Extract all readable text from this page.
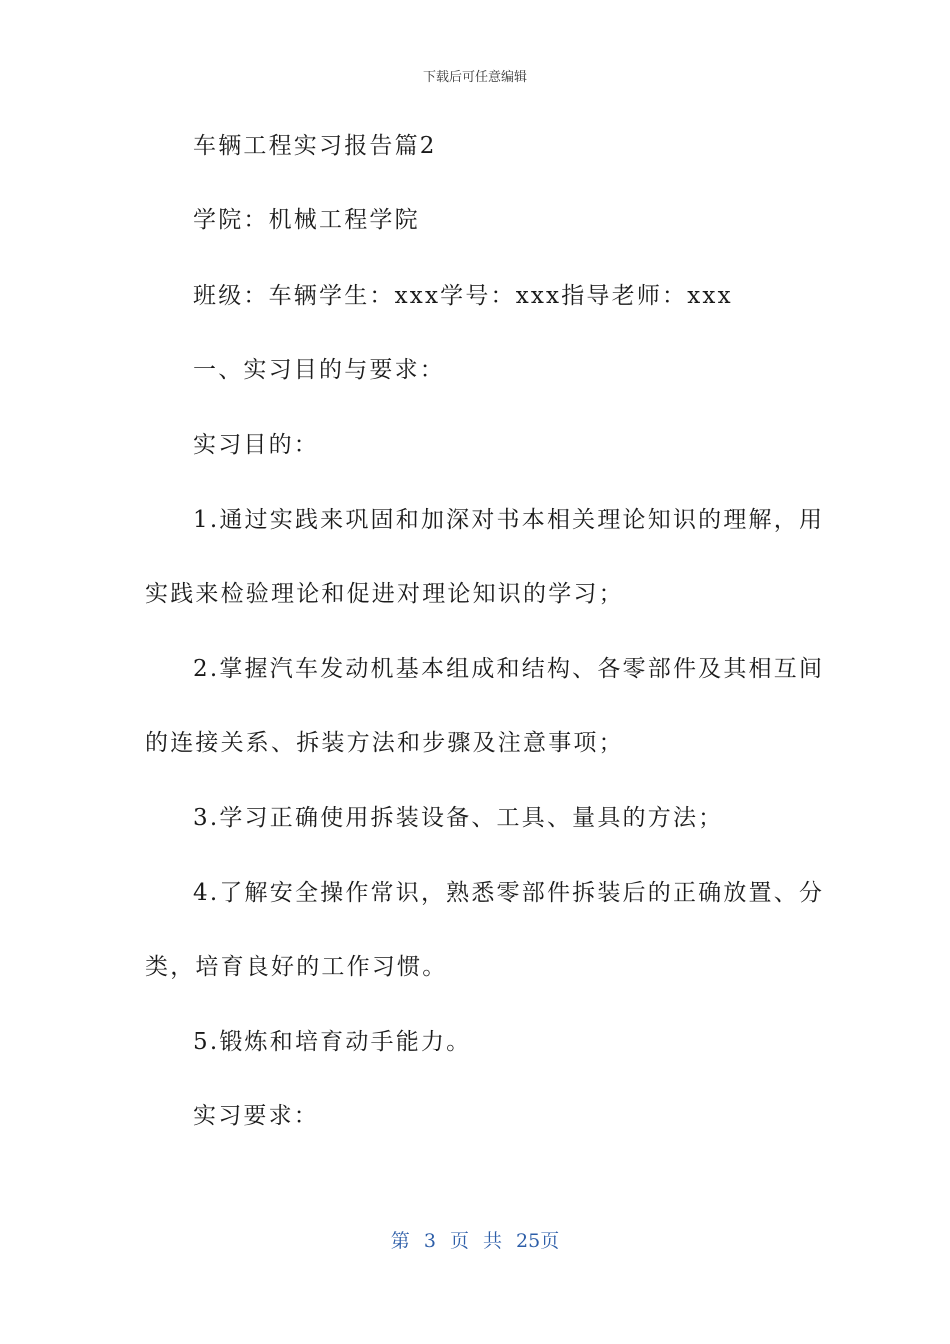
下载后可任意编辑
车辆工程实习报告篇2
学院：机械工程学院
班级：车辆学生：xxx学号：xxx指导老师：xxx
一、实习目的与要求：
实习目的：
1.通过实践来巩固和加深对书本相关理论知识的理解，用
实践来检验理论和促进对理论知识的学习；
2.掌握汽车发动机基本组成和结构、各零部件及其相互间
的连接关系、拆装方法和步骤及注意事项；
3.学习正确使用拆装设备、工具、量具的方法；
4.了解安全操作常识，熟悉零部件拆装后的正确放置、分
类，培育良好的工作习惯。
5.锻炼和培育动手能力。
实习要求：
第 3 页 共 25页
